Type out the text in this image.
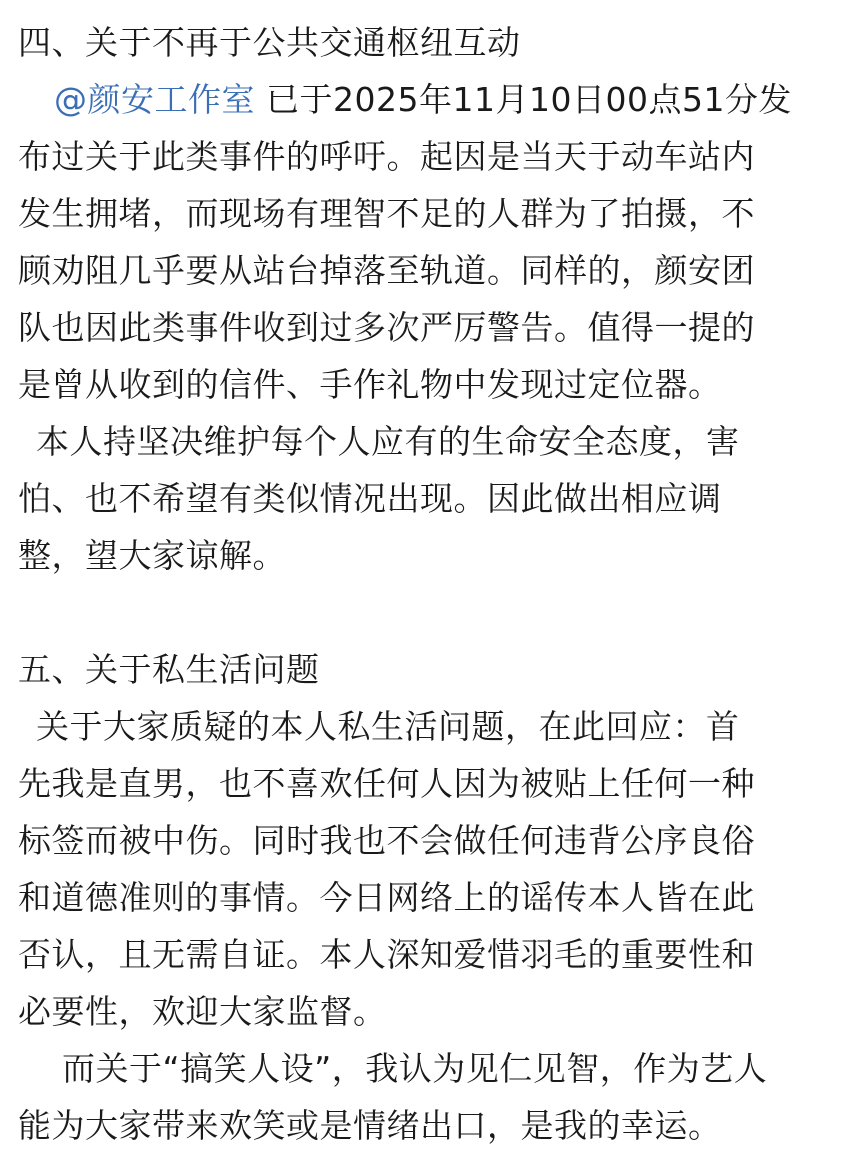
四、关于不再于公共交通枢纽互动
@颜安工作室 已于2025年11月10日00点51分发
布过关于此类事件的呼吁。起因是当天于动车站内
发生拥堵，而现场有理智不足的人群为了拍摄，不
顾劝阻几乎要从站台掉落至轨道。同样的，颜安团
队也因此类事件收到过多次严厉警告。值得一提的
是曾从收到的信件、手作礼物中发现过定位器。
本人持坚决维护每个人应有的生命安全态度，害
怕、也不希望有类似情况出现。因此做出相应调
整，望大家谅解。
五、关于私生活问题
关于大家质疑的本人私生活问题，在此回应：首
先我是直男，也不喜欢任何人因为被贴上任何一种
标签而被中伤。同时我也不会做任何违背公序良俗
和道德准则的事情。今日网络上的谣传本人皆在此
否认，且无需自证。本人深知爱惜羽毛的重要性和
必要性，欢迎大家监督。
而关于“搞笑人设”，我认为见仁见智，作为艺人
能为大家带来欢笑或是情绪出口，是我的幸运。
